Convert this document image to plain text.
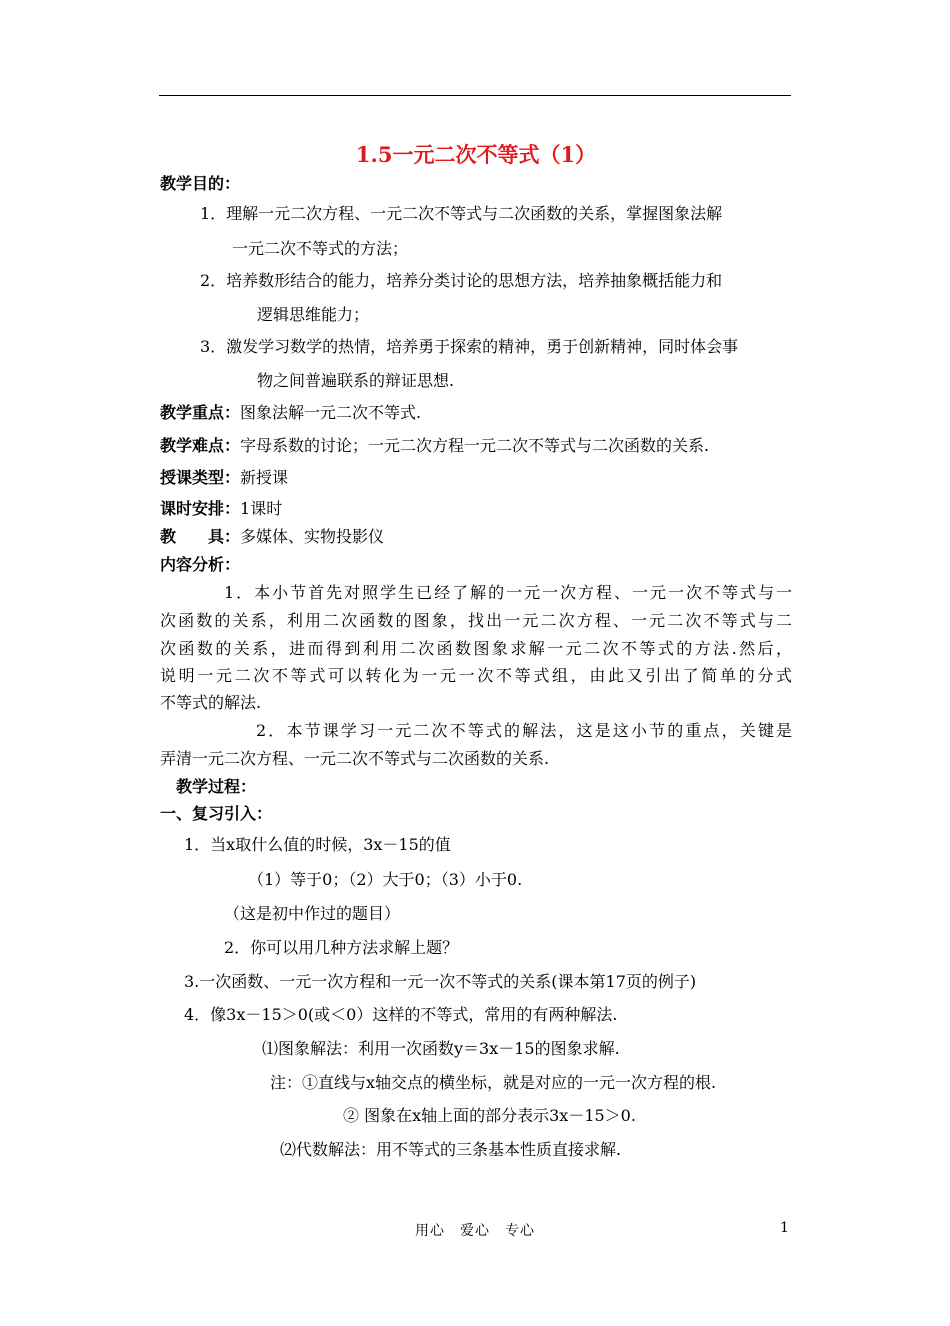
1.5一元二次不等式（1）
教学目的：
1．理解一元二次方程、一元二次不等式与二次函数的关系，掌握图象法解
一元二次不等式的方法；
2．培养数形结合的能力，培养分类讨论的思想方法，培养抽象概括能力和
逻辑思维能力；
3．激发学习数学的热情，培养勇于探索的精神，勇于创新精神，同时体会事
物之间普遍联系的辩证思想.
教学重点：图象法解一元二次不等式.
教学难点：字母系数的讨论；一元二次方程一元二次不等式与二次函数的关系.
授课类型：新授课
课时安排：1课时
教　　具：多媒体、实物投影仪
内容分析：
1．本小节首先对照学生已经了解的一元一次方程、一元一次不等式与一
次函数的关系，利用二次函数的图象，找出一元二次方程、一元二次不等式与二
次函数的关系，进而得到利用二次函数图象求解一元二次不等式的方法.然后，
说明一元二次不等式可以转化为一元一次不等式组，由此又引出了简单的分式
不等式的解法.
2．本节课学习一元二次不等式的解法，这是这小节的重点，关键是
弄清一元二次方程、一元二次不等式与二次函数的关系.
教学过程：
一、复习引入：
1．当x取什么值的时候，3x－15的值
（1）等于0；（2）大于0；（3）小于0.
（这是初中作过的题目）
2．你可以用几种方法求解上题？
3.一次函数、一元一次方程和一元一次不等式的关系(课本第17页的例子)
4．像3x－15＞0(或＜0）这样的不等式，常用的有两种解法.
⑴图象解法：利用一次函数y＝3x－15的图象求解.
注：①直线与x轴交点的横坐标，就是对应的一元一次方程的根.
② 图象在x轴上面的部分表示3x－15＞0.
⑵代数解法：用不等式的三条基本性质直接求解.
用心　爱心　专心	1
